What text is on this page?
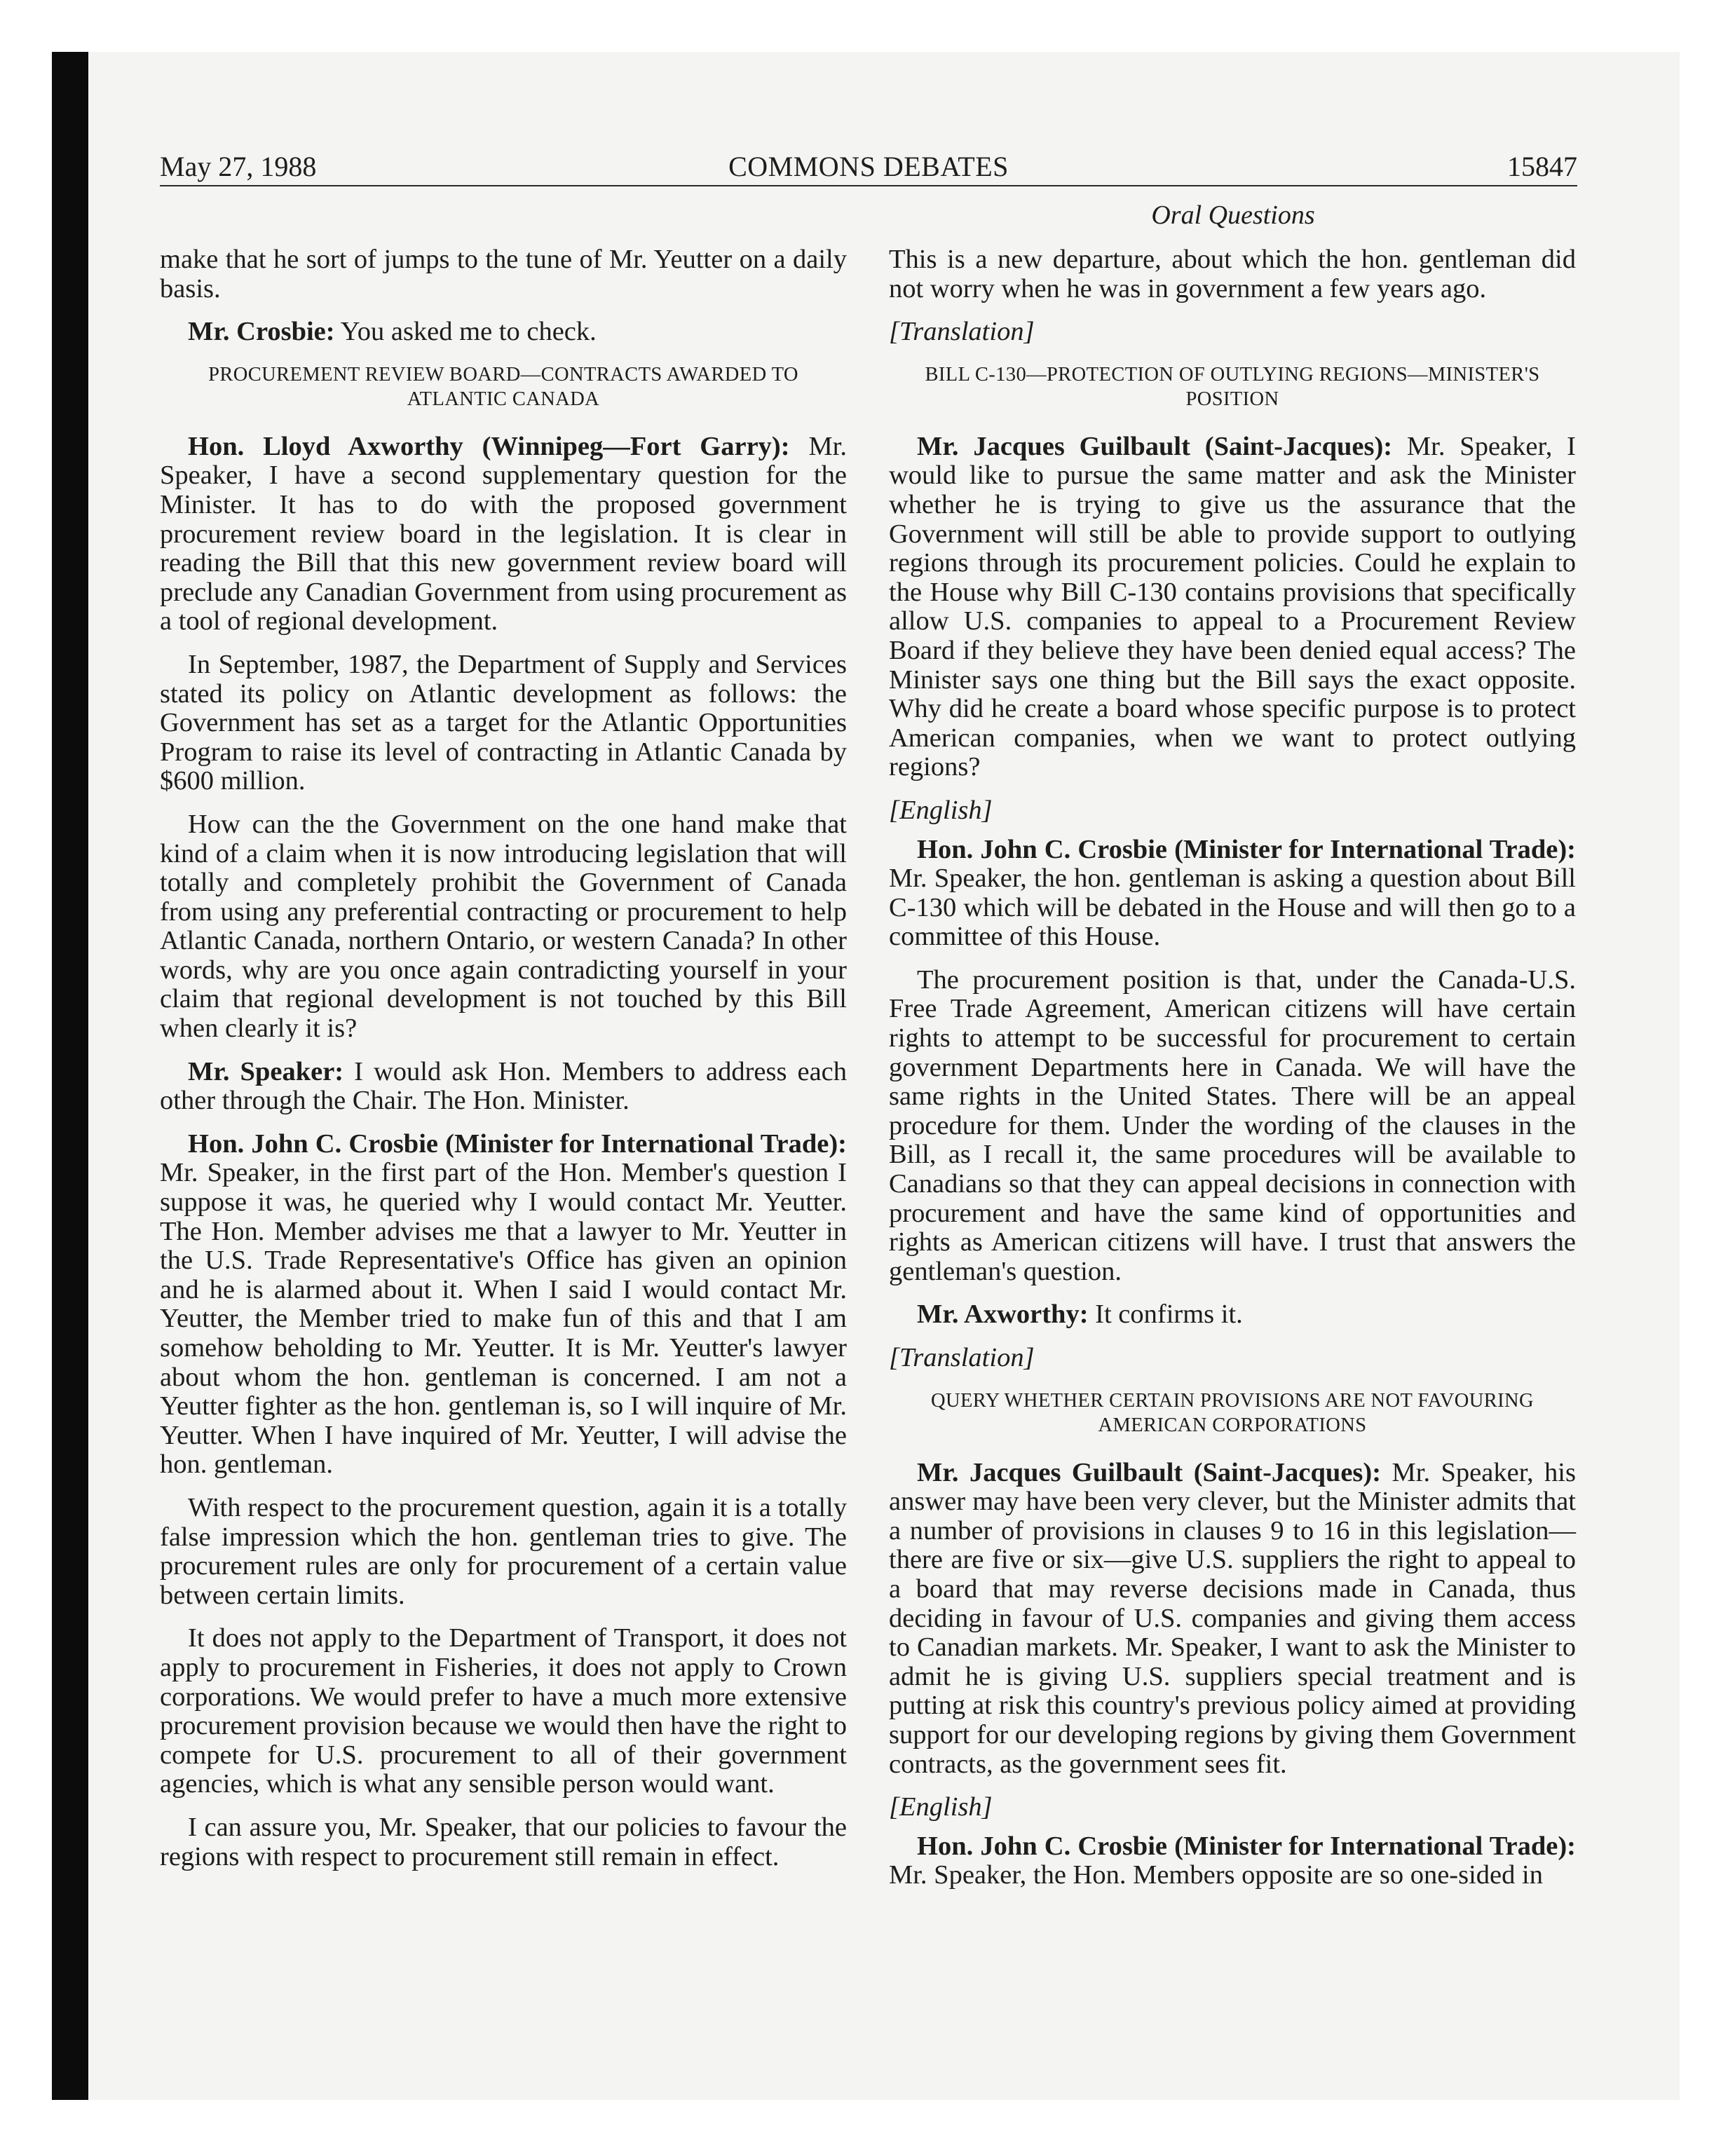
May 27, 1988	COMMONS DEBATES	15847
Oral Questions

make that he sort of jumps to the tune of Mr. Yeutter on a daily basis.

Mr. Crosbie: You asked me to check.

PROCUREMENT REVIEW BOARD—CONTRACTS AWARDED TO ATLANTIC CANADA

Hon. Lloyd Axworthy (Winnipeg—Fort Garry): Mr. Speaker, I have a second supplementary question for the Minister. It has to do with the proposed government procurement review board in the legislation. It is clear in reading the Bill that this new government review board will preclude any Canadian Government from using procurement as a tool of regional development.

In September, 1987, the Department of Supply and Services stated its policy on Atlantic development as follows: the Government has set as a target for the Atlantic Opportunities Program to raise its level of contracting in Atlantic Canada by $600 million.

How can the the Government on the one hand make that kind of a claim when it is now introducing legislation that will totally and completely prohibit the Government of Canada from using any preferential contracting or procurement to help Atlantic Canada, northern Ontario, or western Canada? In other words, why are you once again contradicting yourself in your claim that regional development is not touched by this Bill when clearly it is?

Mr. Speaker: I would ask Hon. Members to address each other through the Chair. The Hon. Minister.

Hon. John C. Crosbie (Minister for International Trade): Mr. Speaker, in the first part of the Hon. Member's question I suppose it was, he queried why I would contact Mr. Yeutter. The Hon. Member advises me that a lawyer to Mr. Yeutter in the U.S. Trade Representative's Office has given an opinion and he is alarmed about it. When I said I would contact Mr. Yeutter, the Member tried to make fun of this and that I am somehow beholding to Mr. Yeutter. It is Mr. Yeutter's lawyer about whom the hon. gentleman is concerned. I am not a Yeutter fighter as the hon. gentleman is, so I will inquire of Mr. Yeutter. When I have inquired of Mr. Yeutter, I will advise the hon. gentleman.

With respect to the procurement question, again it is a totally false impression which the hon. gentleman tries to give. The procurement rules are only for procurement of a certain value between certain limits.

It does not apply to the Department of Transport, it does not apply to procurement in Fisheries, it does not apply to Crown corporations. We would prefer to have a much more extensive procurement provision because we would then have the right to compete for U.S. procurement to all of their government agencies, which is what any sensible person would want.

I can assure you, Mr. Speaker, that our policies to favour the regions with respect to procurement still remain in effect.

This is a new departure, about which the hon. gentleman did not worry when he was in government a few years ago.

[Translation]

BILL C-130—PROTECTION OF OUTLYING REGIONS—MINISTER'S POSITION

Mr. Jacques Guilbault (Saint-Jacques): Mr. Speaker, I would like to pursue the same matter and ask the Minister whether he is trying to give us the assurance that the Government will still be able to provide support to outlying regions through its procurement policies. Could he explain to the House why Bill C-130 contains provisions that specifically allow U.S. companies to appeal to a Procurement Review Board if they believe they have been denied equal access? The Minister says one thing but the Bill says the exact opposite. Why did he create a board whose specific purpose is to protect American companies, when we want to protect outlying regions?

[English]

Hon. John C. Crosbie (Minister for International Trade): Mr. Speaker, the hon. gentleman is asking a question about Bill C-130 which will be debated in the House and will then go to a committee of this House.

The procurement position is that, under the Canada-U.S. Free Trade Agreement, American citizens will have certain rights to attempt to be successful for procurement to certain government Departments here in Canada. We will have the same rights in the United States. There will be an appeal procedure for them. Under the wording of the clauses in the Bill, as I recall it, the same procedures will be available to Canadians so that they can appeal decisions in connection with procurement and have the same kind of opportunities and rights as American citizens will have. I trust that answers the gentleman's question.

Mr. Axworthy: It confirms it.

[Translation]

QUERY WHETHER CERTAIN PROVISIONS ARE NOT FAVOURING AMERICAN CORPORATIONS

Mr. Jacques Guilbault (Saint-Jacques): Mr. Speaker, his answer may have been very clever, but the Minister admits that a number of provisions in clauses 9 to 16 in this legislation—there are five or six—give U.S. suppliers the right to appeal to a board that may reverse decisions made in Canada, thus deciding in favour of U.S. companies and giving them access to Canadian markets. Mr. Speaker, I want to ask the Minister to admit he is giving U.S. suppliers special treatment and is putting at risk this country's previous policy aimed at providing support for our developing regions by giving them Government contracts, as the government sees fit.

[English]

Hon. John C. Crosbie (Minister for International Trade): Mr. Speaker, the Hon. Members opposite are so one-sided in
